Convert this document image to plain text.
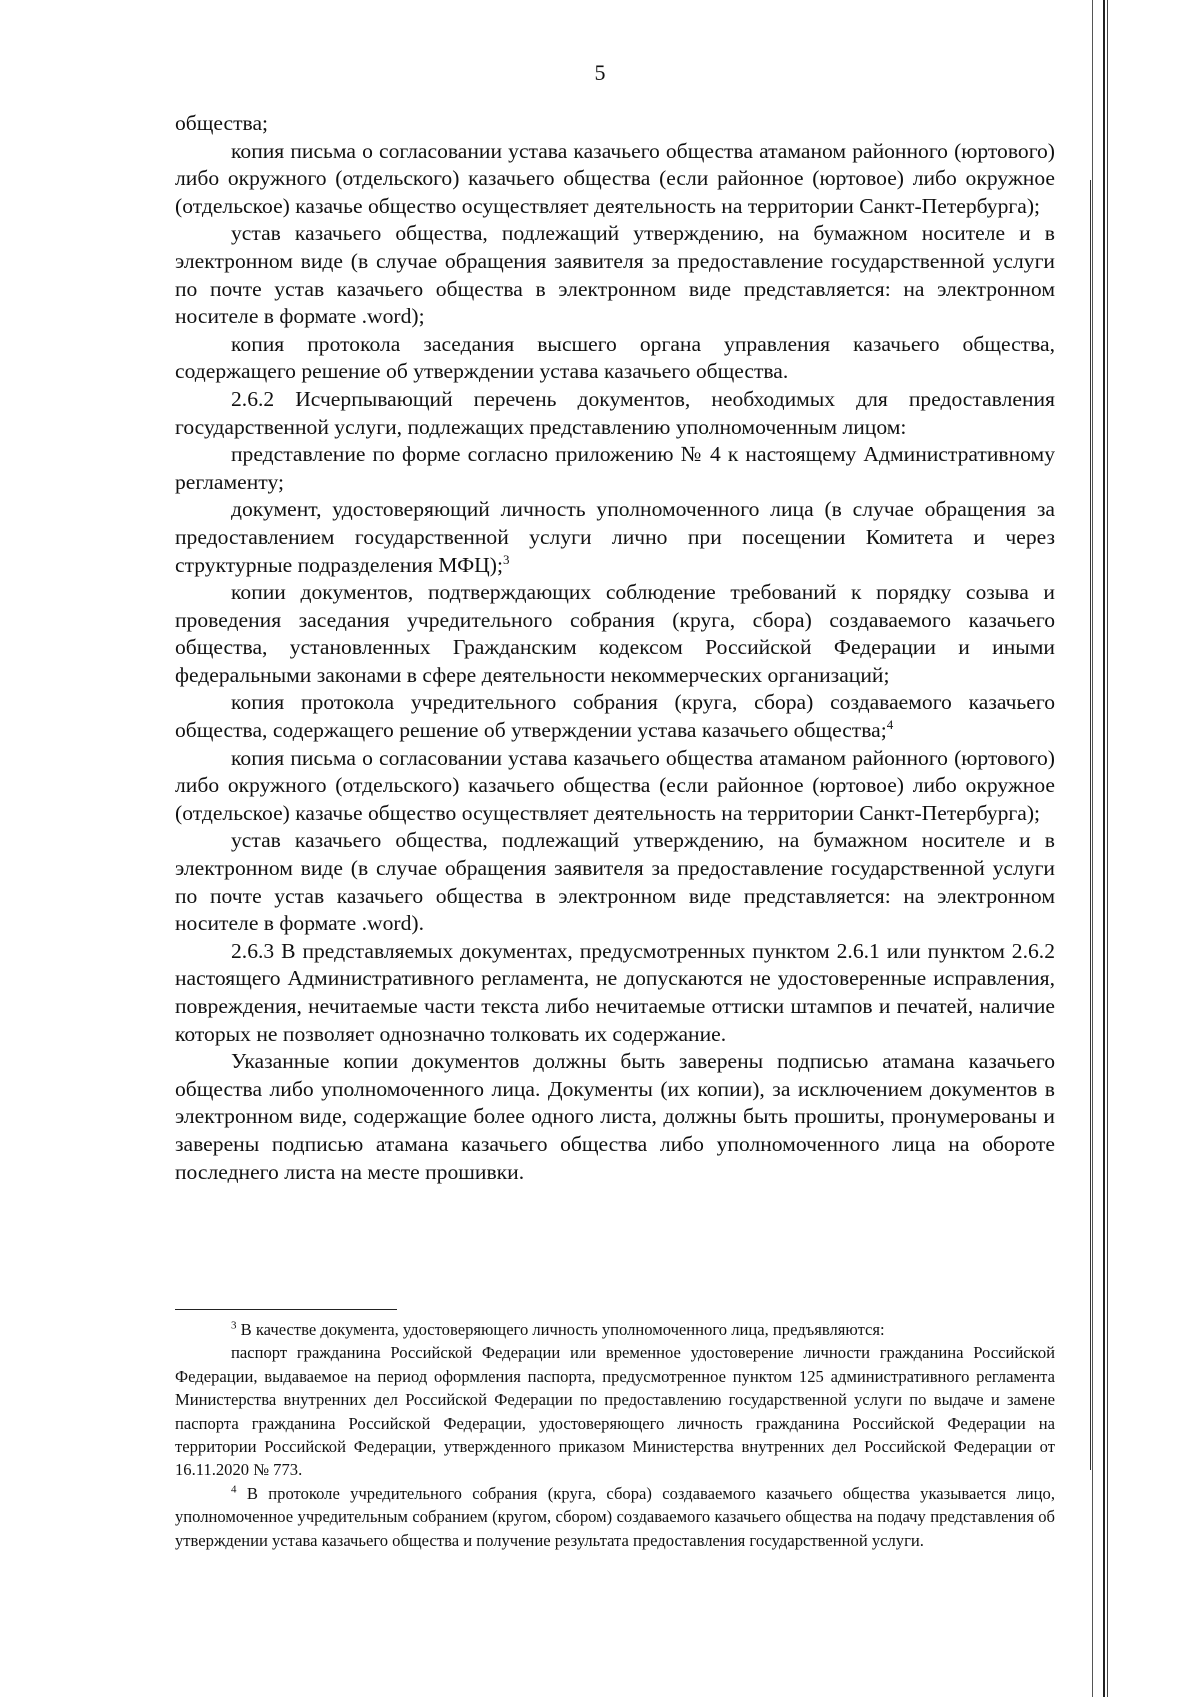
5

общества;

копия письма о согласовании устава казачьего общества атаманом районного (юртового) либо окружного (отдельского) казачьего общества (если районное (юртовое) либо окружное (отдельское) казачье общество осуществляет деятельность на территории Санкт-Петербурга);

устав казачьего общества, подлежащий утверждению, на бумажном носителе и в электронном виде (в случае обращения заявителя за предоставление государственной услуги по почте устав казачьего общества в электронном виде представляется: на электронном носителе в формате .word);

копия протокола заседания высшего органа управления казачьего общества, содержащего решение об утверждении устава казачьего общества.

2.6.2 Исчерпывающий перечень документов, необходимых для предоставления государственной услуги, подлежащих представлению уполномоченным лицом:

представление по форме согласно приложению № 4 к настоящему Административному регламенту;

документ, удостоверяющий личность уполномоченного лица (в случае обращения за предоставлением государственной услуги лично при посещении Комитета и через структурные подразделения МФЦ);$^3$

копии документов, подтверждающих соблюдение требований к порядку созыва и проведения заседания учредительного собрания (круга, сбора) создаваемого казачьего общества, установленных Гражданским кодексом Российской Федерации и иными федеральными законами в сфере деятельности некоммерческих организаций;

копия протокола учредительного собрания (круга, сбора) создаваемого казачьего общества, содержащего решение об утверждении устава казачьего общества;$^4$

копия письма о согласовании устава казачьего общества атаманом районного (юртового) либо окружного (отдельского) казачьего общества (если районное (юртовое) либо окружное (отдельское) казачье общество осуществляет деятельность на территории Санкт-Петербурга);

устав казачьего общества, подлежащий утверждению, на бумажном носителе и в электронном виде (в случае обращения заявителя за предоставление государственной услуги по почте устав казачьего общества в электронном виде представляется: на электронном носителе в формате .word).

2.6.3 В представляемых документах, предусмотренных пунктом 2.6.1 или пунктом 2.6.2 настоящего Административного регламента, не допускаются не удостоверенные исправления, повреждения, нечитаемые части текста либо нечитаемые оттиски штампов и печатей, наличие которых не позволяет однозначно толковать их содержание.

Указанные копии документов должны быть заверены подписью атамана казачьего общества либо уполномоченного лица. Документы (их копии), за исключением документов в электронном виде, содержащие более одного листа, должны быть прошиты, пронумерованы и заверены подписью атамана казачьего общества либо уполномоченного лица на обороте последнего листа на месте прошивки.

$^3$ В качестве документа, удостоверяющего личность уполномоченного лица, предъявляются:

паспорт гражданина Российской Федерации или временное удостоверение личности гражданина Российской Федерации, выдаваемое на период оформления паспорта, предусмотренное пунктом 125 административного регламента Министерства внутренних дел Российской Федерации по предоставлению государственной услуги по выдаче и замене паспорта гражданина Российской Федерации, удостоверяющего личность гражданина Российской Федерации на территории Российской Федерации, утвержденного приказом Министерства внутренних дел Российской Федерации от 16.11.2020 № 773.

$^4$ В протоколе учредительного собрания (круга, сбора) создаваемого казачьего общества указывается лицо, уполномоченное учредительным собранием (кругом, сбором) создаваемого казачьего общества на подачу представления об утверждении устава казачьего общества и получение результата предоставления государственной услуги.
